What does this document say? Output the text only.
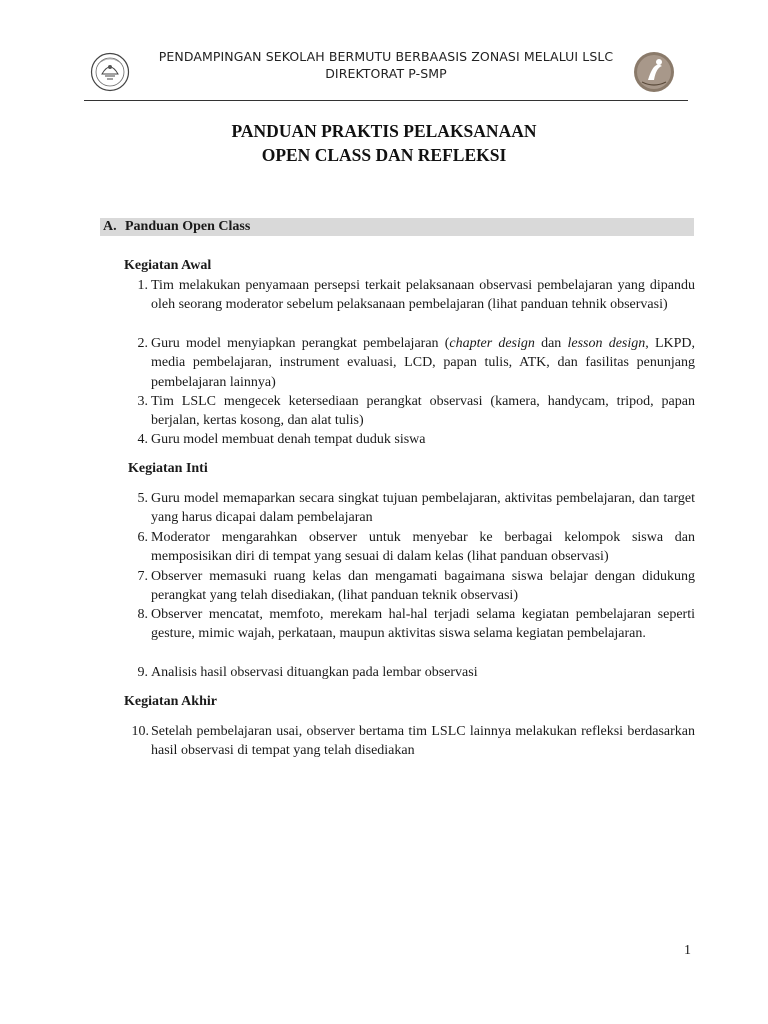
PENDAMPINGAN SEKOLAH BERMUTU BERBAASIS ZONASI MELALUI LSLC
DIREKTORAT P-SMP
PANDUAN PRAKTIS PELAKSANAAN
OPEN CLASS DAN REFLEKSI
A. Panduan Open Class
Kegiatan Awal
1. Tim melakukan penyamaan persepsi terkait pelaksanaan observasi pembelajaran yang dipandu oleh seorang moderator sebelum pelaksanaan pembelajaran (lihat panduan tehnik observasi)
2. Guru model menyiapkan perangkat pembelajaran (chapter design dan lesson design, LKPD, media pembelajaran, instrument evaluasi, LCD, papan tulis, ATK, dan fasilitas penunjang pembelajaran lainnya)
3. Tim LSLC mengecek ketersediaan perangkat observasi (kamera, handycam, tripod, papan berjalan, kertas kosong, dan alat tulis)
4. Guru model membuat denah tempat duduk siswa
Kegiatan Inti
5. Guru model memaparkan secara singkat tujuan pembelajaran, aktivitas pembelajaran, dan target yang harus dicapai dalam pembelajaran
6. Moderator mengarahkan observer untuk menyebar ke berbagai kelompok siswa dan memposisikan diri di tempat yang sesuai di dalam kelas (lihat panduan observasi)
7. Observer memasuki ruang kelas dan mengamati bagaimana siswa belajar dengan didukung perangkat yang telah disediakan, (lihat panduan teknik observasi)
8. Observer mencatat, memfoto, merekam hal-hal terjadi selama kegiatan pembelajaran seperti gesture, mimic wajah, perkataan, maupun aktivitas siswa selama kegiatan pembelajaran.
9. Analisis hasil observasi dituangkan pada lembar observasi
Kegiatan Akhir
10. Setelah pembelajaran usai, observer bertama tim LSLC lainnya melakukan refleksi berdasarkan hasil observasi di tempat yang telah disediakan
1
